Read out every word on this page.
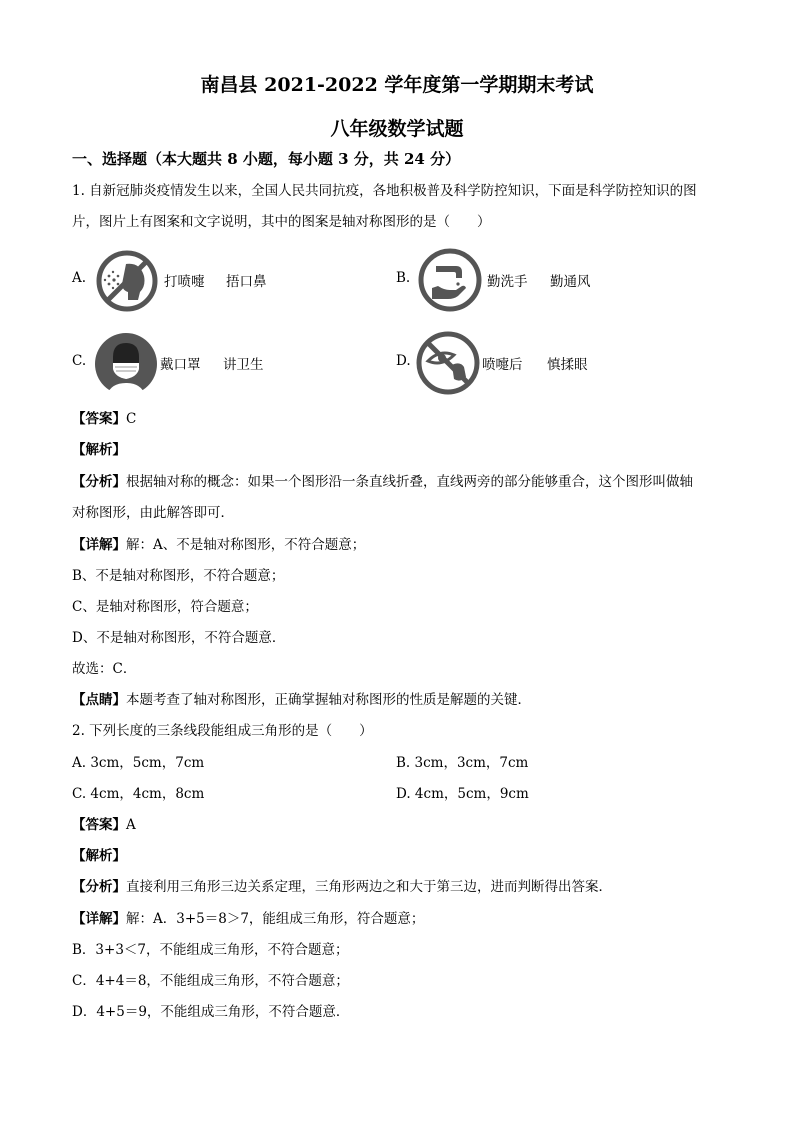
南昌县 2021-2022 学年度第一学期期末考试
八年级数学试题
一、选择题（本大题共 8 小题，每小题 3 分，共 24 分）
1. 自新冠肺炎疫情发生以来，全国人民共同抗疫，各地积极普及科学防控知识，下面是科学防控知识的图
片，图片上有图案和文字说明，其中的图案是轴对称图形的是（　　）
A.	打喷嚏 捂口鼻	B.	勤洗手 勤通风
C.	戴口罩 讲卫生	D.	喷嚏后 慎揉眼
【答案】C
【解析】
【分析】根据轴对称的概念：如果一个图形沿一条直线折叠，直线两旁的部分能够重合，这个图形叫做轴
对称图形，由此解答即可．
【详解】解：A、不是轴对称图形，不符合题意；
B、不是轴对称图形，不符合题意；
C、是轴对称图形，符合题意；
D、不是轴对称图形，不符合题意．
故选：C．
【点睛】本题考查了轴对称图形，正确掌握轴对称图形的性质是解题的关键．
2. 下列长度的三条线段能组成三角形的是（　　）
A. 3cm，5cm，7cm	B. 3cm，3cm，7cm
C. 4cm，4cm，8cm	D. 4cm，5cm，9cm
【答案】A
【解析】
【分析】直接利用三角形三边关系定理，三角形两边之和大于第三边，进而判断得出答案．
【详解】解：A．3+5＝8＞7，能组成三角形，符合题意；
B．3+3＜7，不能组成三角形，不符合题意；
C．4+4＝8，不能组成三角形，不符合题意；
D．4+5＝9，不能组成三角形，不符合题意．
